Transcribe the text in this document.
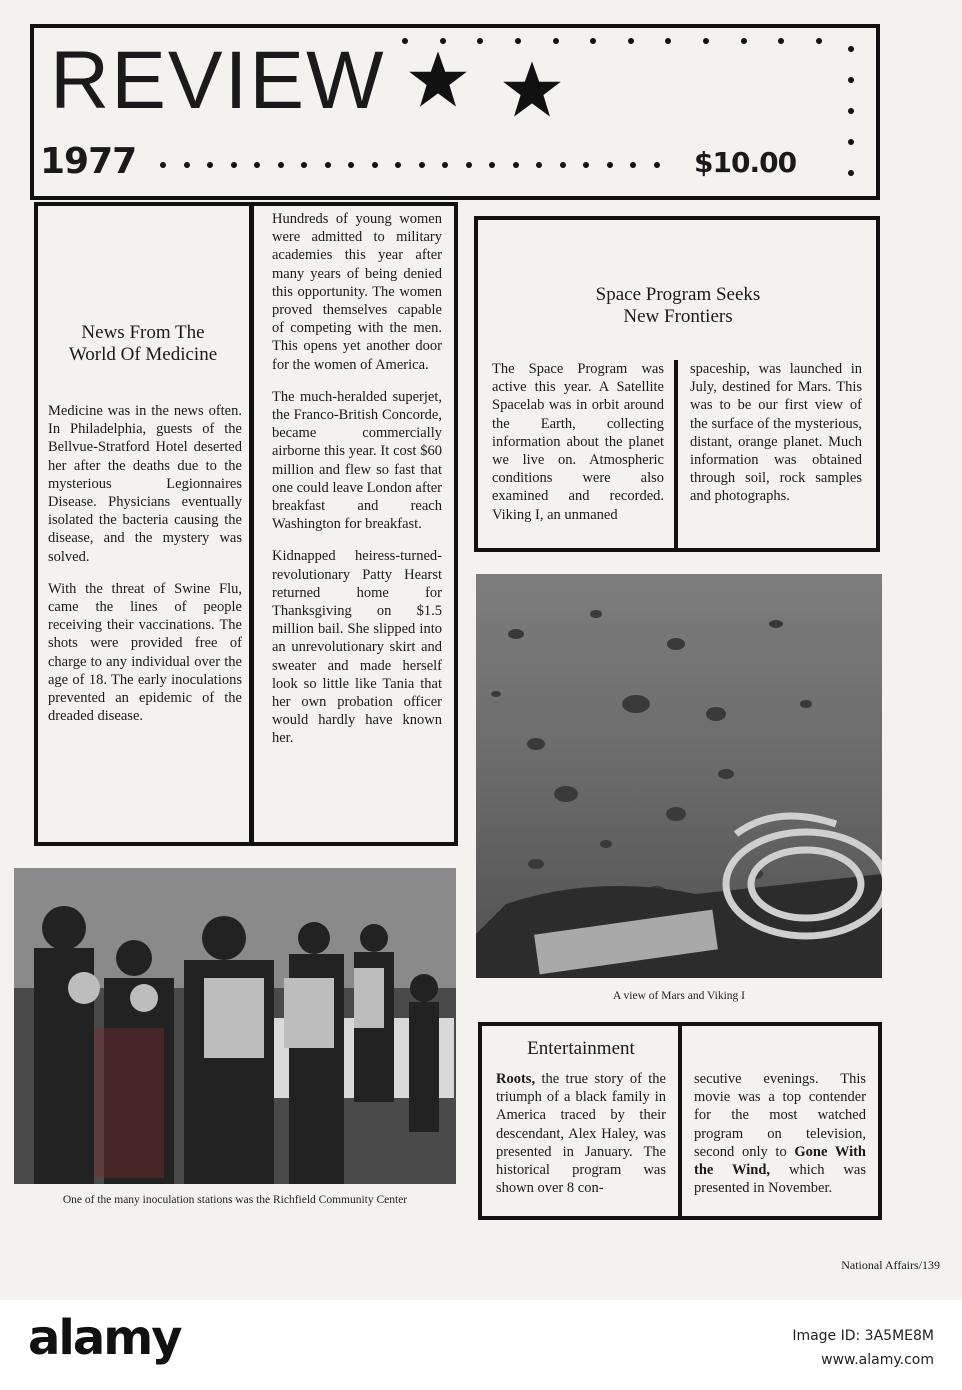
REVIEW
1977	$10.00
News From The World Of Medicine

Medicine was in the news often. In Philadelphia, guests of the Bellvue-Stratford Hotel deserted her after the deaths due to the mysterious Legionnaires Disease. Physicians eventually isolated the bacteria causing the disease, and the mystery was solved.

With the threat of Swine Flu, came the lines of people receiving their vaccinations. The shots were provided free of charge to any individual over the age of 18. The early inoculations prevented an epidemic of the dreaded disease.

Hundreds of young women were admitted to military academies this year after many years of being denied this opportunity. The women proved themselves capable of competing with the men. This opens yet another door for the women of America.

The much-heralded superjet, the Franco-British Concorde, became commercially airborne this year. It cost $60 million and flew so fast that one could leave London after breakfast and reach Washington for breakfast.

Kidnapped heiress-turned- revolutionary Patty Hearst returned home for Thanksgiving on $1.5 million bail. She slipped into an unrevolutionary skirt and sweater and made herself look so little like Tania that her own probation officer would hardly have known her.

Space Program Seeks New Frontiers
The Space Program was active this year. A Satellite Spacelab was in orbit around the Earth, collecting information about the planet we live on. Atmospheric conditions were also examined and recorded. Viking I, an unmaned
spaceship, was launched in July, destined for Mars. This was to be our first view of the surface of the mysterious, distant, orange planet. Much information was obtained through soil, rock samples and photographs.
A view of Mars and Viking I
One of the many inoculation stations was the Richfield Community Center
Entertainment
Roots, the true story of the triumph of a black family in America traced by their descendant, Alex Haley, was presented in January. The historical program was shown over 8 con-
secutive evenings. This movie was a top contender for the most watched program on television, second only to Gone With the Wind, which was presented in November.
National Affairs/139
alamy	Image ID: 3A5ME8M
www.alamy.com
